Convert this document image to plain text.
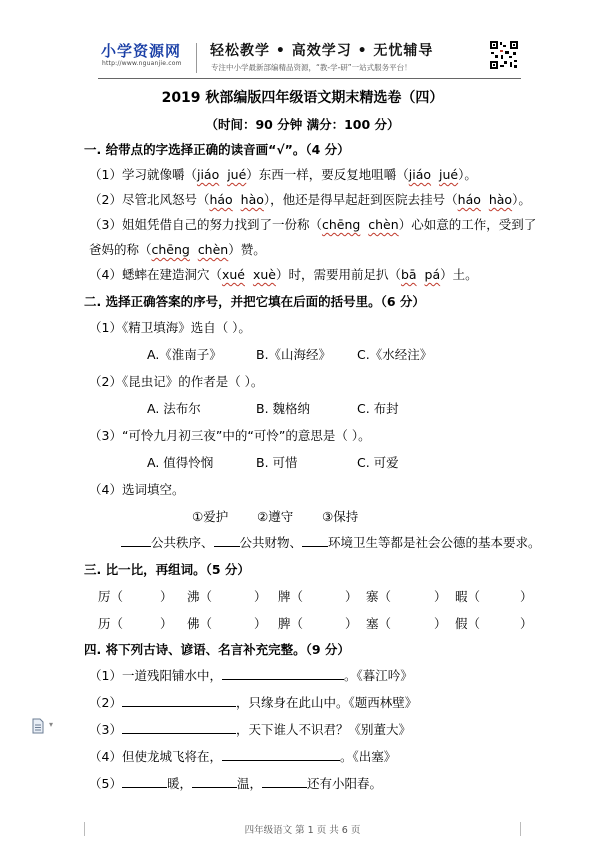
小学资源网
http://www.nguanjie.com
轻松教学 • 高效学习 • 无忧辅导
专注中小学最新部编精品资源，“教-学-研”一站式服务平台！
2019 秋部编版四年级语文期末精选卷（四）
（时间：90 分钟 满分：100 分）
一. 给带点的字选择正确的读音画“√”。（4 分）
（1）学习就像嚼（jiáo jué）东西一样，要反复地咀嚼（jiáo jué）。
（2）尽管北风怒号（háo hào），他还是得早起赶到医院去挂号（háo hào）。
（3）姐姐凭借自己的努力找到了一份称（chēng chèn）心如意的工作，受到了
爸妈的称（chēng chèn）赞。
（4）蟋蟀在建造洞穴（xué xuè）时，需要用前足扒（bā pá）土。
二. 选择正确答案的序号，并把它填在后面的括号里。（6 分）
（1）《精卫填海》选自（ ）。
A.《淮南子》	B.《山海经》 C.《水经注》
（2）《昆虫记》的作者是（ ）。
A. 法布尔	B. 魏格纳	C. 布封
（3）“可怜九月初三夜”中的“可怜”的意思是（ ）。
A. 值得怜悯	B. 可惜	C. 可爱
（4）选词填空。
①爱护 ②遵守 ③保持
公共秩序、 公共财物、 环境卫生等都是社会公德的基本要求。
三. 比一比，再组词。（5 分）
厉（	） 沸（	） 牌（	） 寨（	） 暇（	）
历（	） 佛（	） 脾（	） 塞（	） 假（	）
四. 将下列古诗、谚语、名言补充完整。（9 分）
（1）一道残阳铺水中，	。《暮江吟》
（2）	，只缘身在此山中。《题西林壁》
（3）	，天下谁人不识君？《别董大》
（4）但使龙城飞将在，	。《出塞》
（5）	暖，	温，	还有小阳春。
▾
四年级语文 第 1 页 共 6 页
